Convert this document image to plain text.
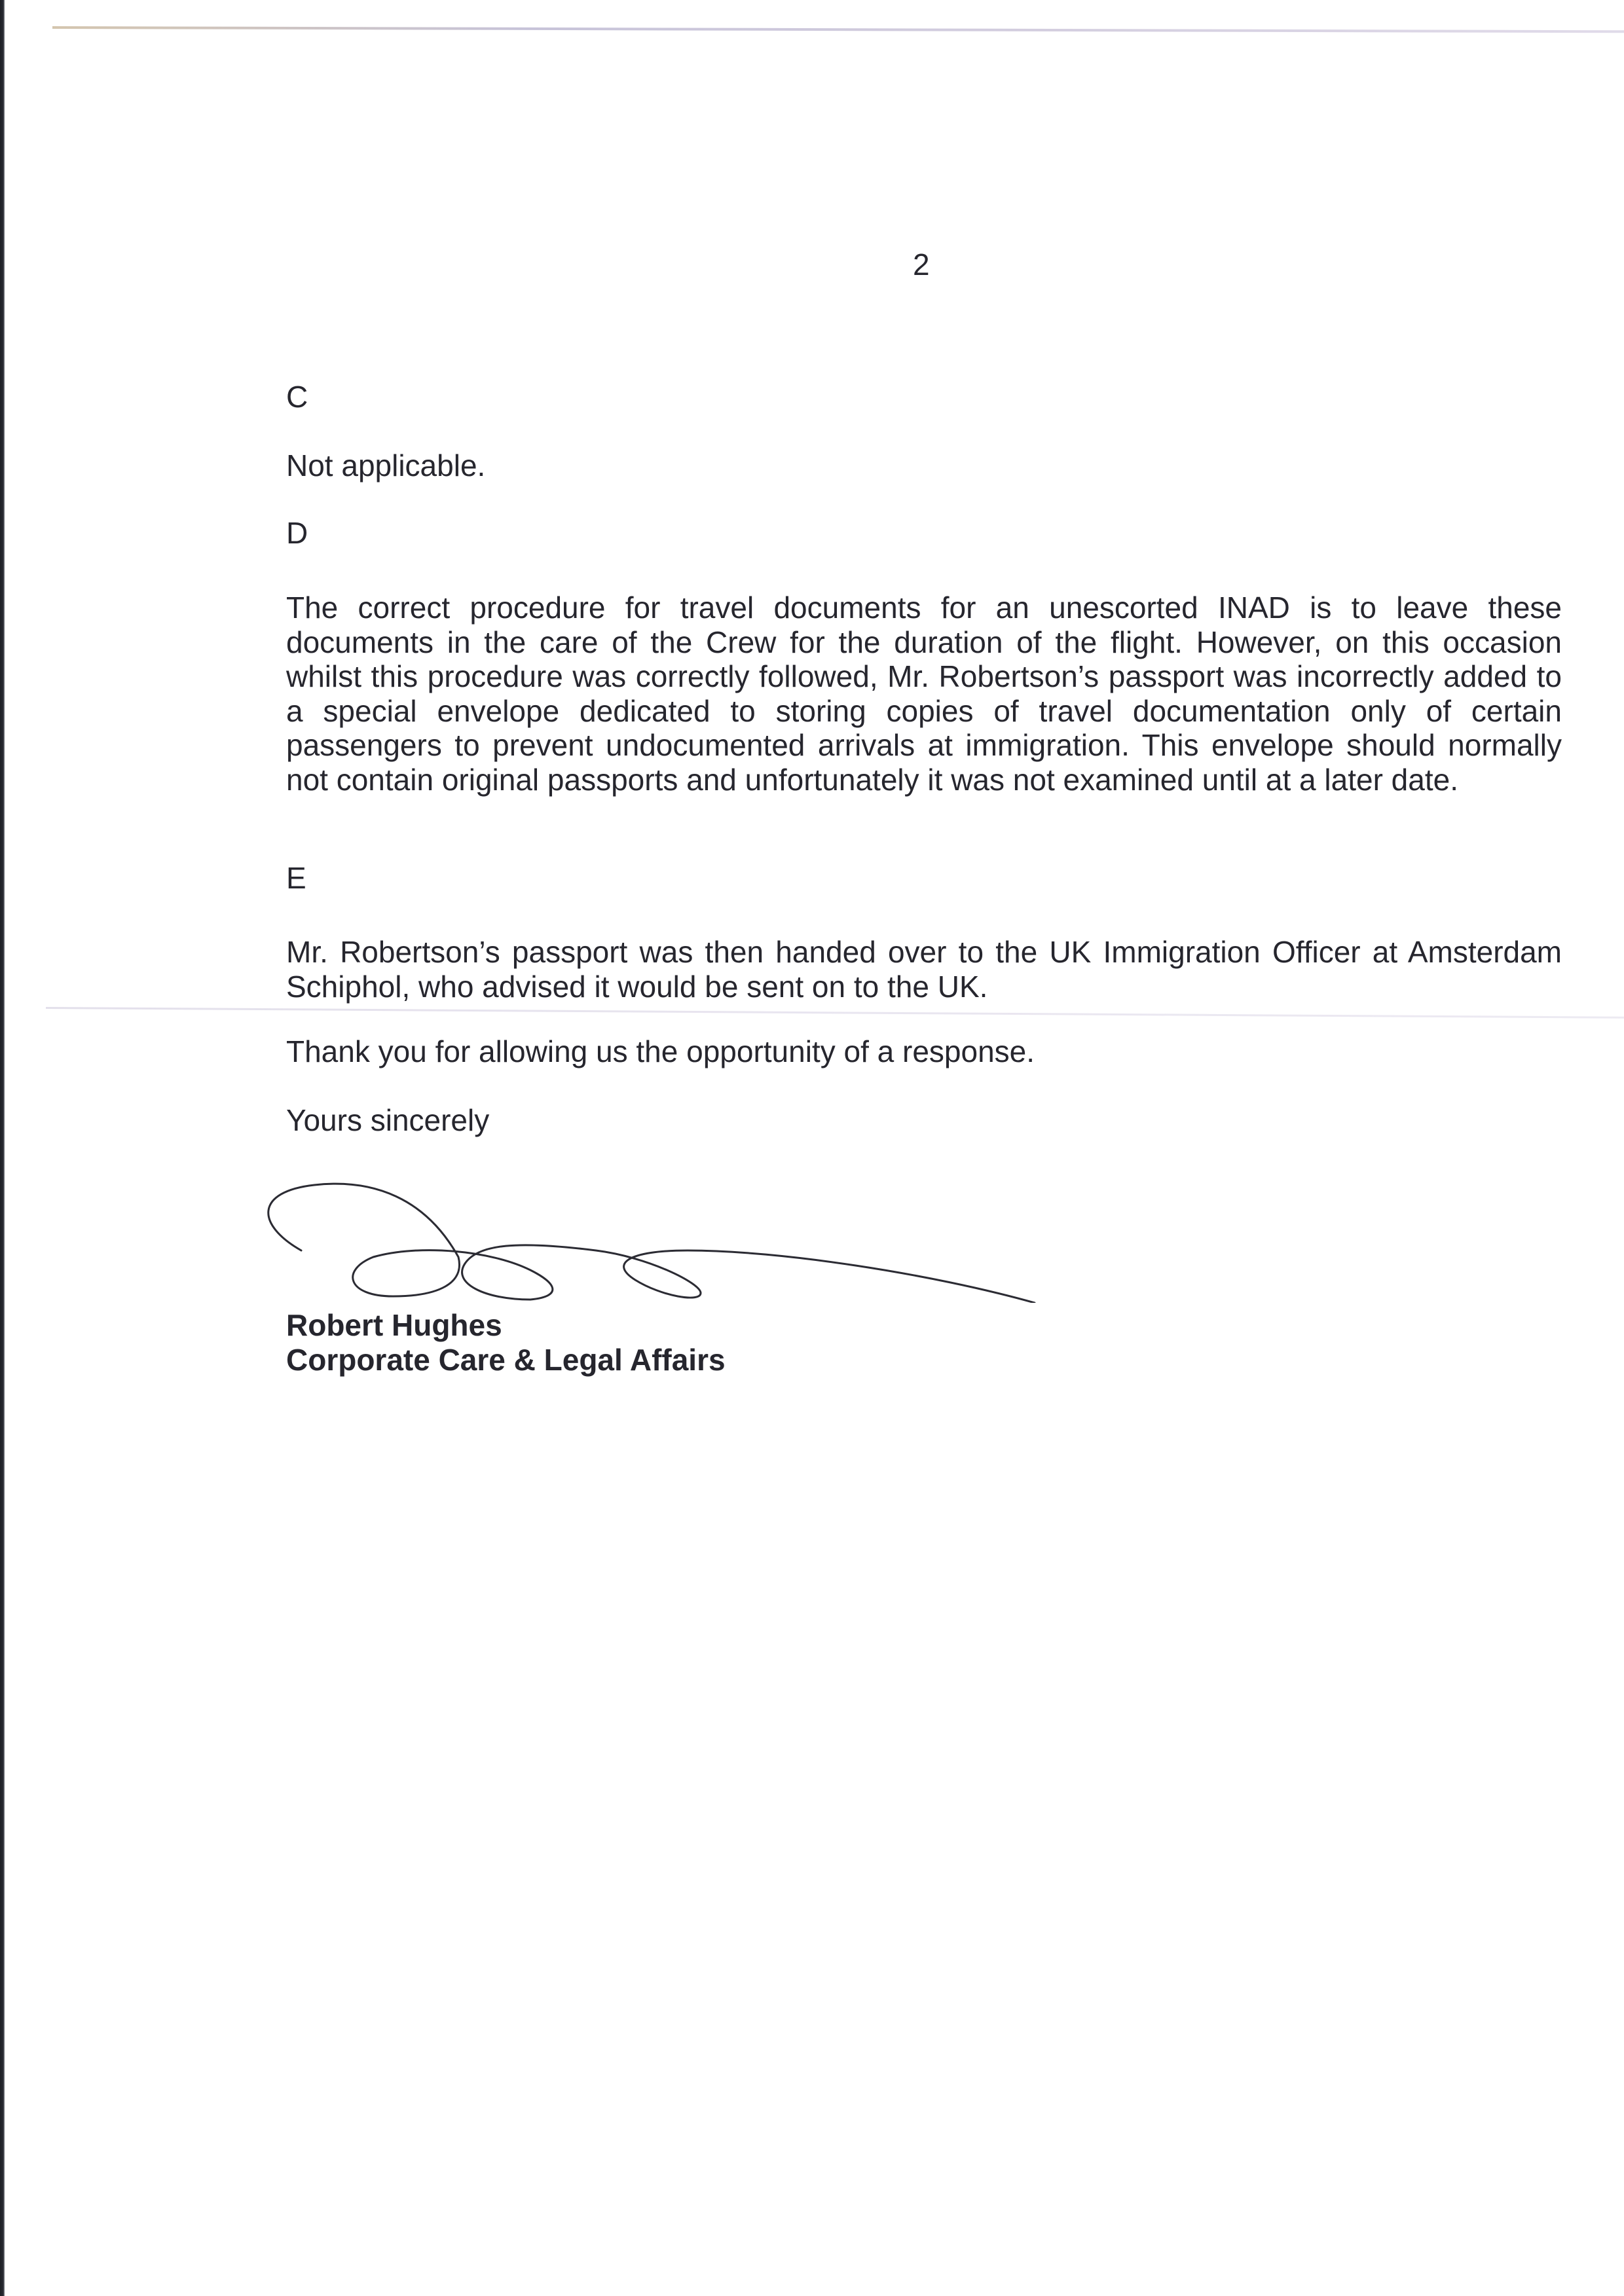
2

C

Not applicable.

D

The correct procedure for travel documents for an unescorted INAD is to leave these documents in the care of the Crew for the duration of the flight. However, on this occasion whilst this procedure was correctly followed, Mr. Robertson’s passport was incorrectly added to a special envelope dedicated to storing copies of travel documentation only of certain passengers to prevent undocumented arrivals at immigration. This envelope should normally not contain original passports and unfortunately it was not examined until at a later date.

E

Mr. Robertson’s passport was then handed over to the UK Immigration Officer at Amsterdam Schiphol, who advised it would be sent on to the UK.

Thank you for allowing us the opportunity of a response.

Yours sincerely

Robert Hughes

Corporate Care & Legal Affairs
